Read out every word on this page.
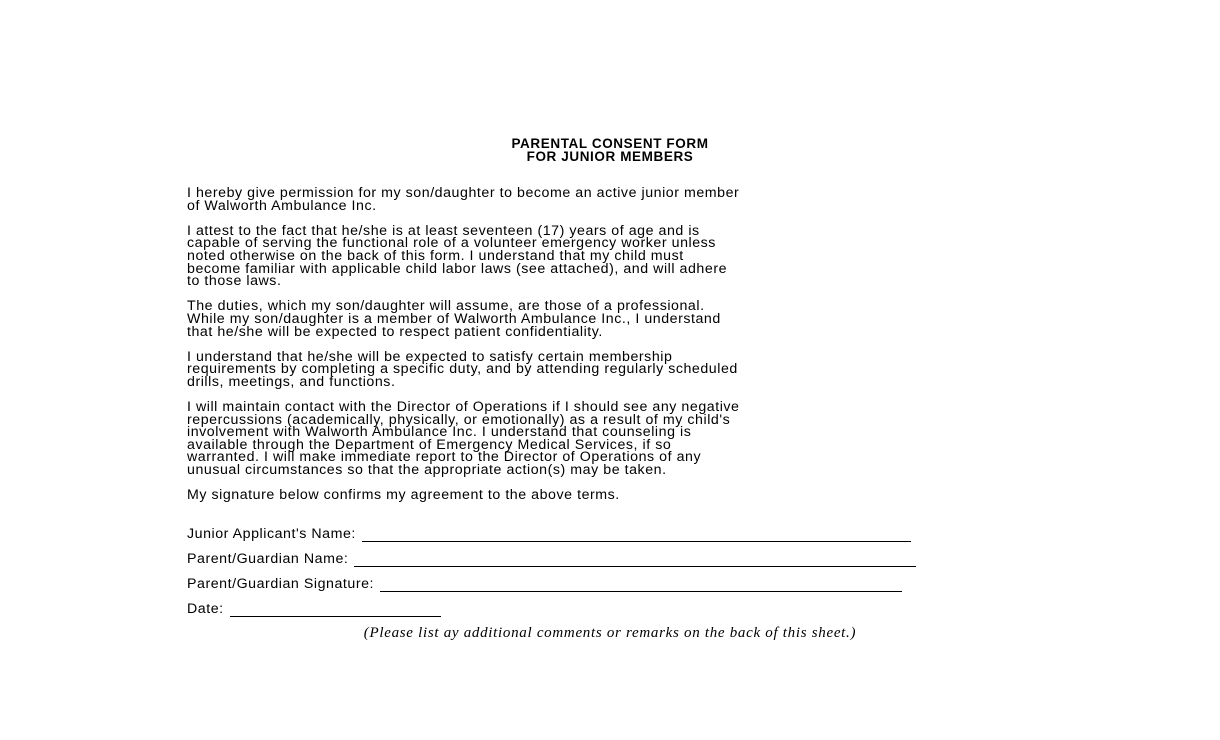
PARENTAL CONSENT FORM
FOR JUNIOR MEMBERS

I hereby give permission for my son/daughter to become an active junior member
of Walworth Ambulance Inc.

I attest to the fact that he/she is at least seventeen (17) years of age and is
capable of serving the functional role of a volunteer emergency worker unless
noted otherwise on the back of this form. I understand that my child must
become familiar with applicable child labor laws (see attached), and will adhere
to those laws.

The duties, which my son/daughter will assume, are those of a professional.
While my son/daughter is a member of Walworth Ambulance Inc., I understand
that he/she will be expected to respect patient confidentiality.

I understand that he/she will be expected to satisfy certain membership
requirements by completing a specific duty, and by attending regularly scheduled
drills, meetings, and functions.

I will maintain contact with the Director of Operations if I should see any negative
repercussions (academically, physically, or emotionally) as a result of my child's
involvement with Walworth Ambulance Inc. I understand that counseling is
available through the Department of Emergency Medical Services, if so
warranted. I will make immediate report to the Director of Operations of any
unusual circumstances so that the appropriate action(s) may be taken.

My signature below confirms my agreement to the above terms.

Junior Applicant's Name:
Parent/Guardian Name:
Parent/Guardian Signature:
Date:
(Please list ay additional comments or remarks on the back of this sheet.)
